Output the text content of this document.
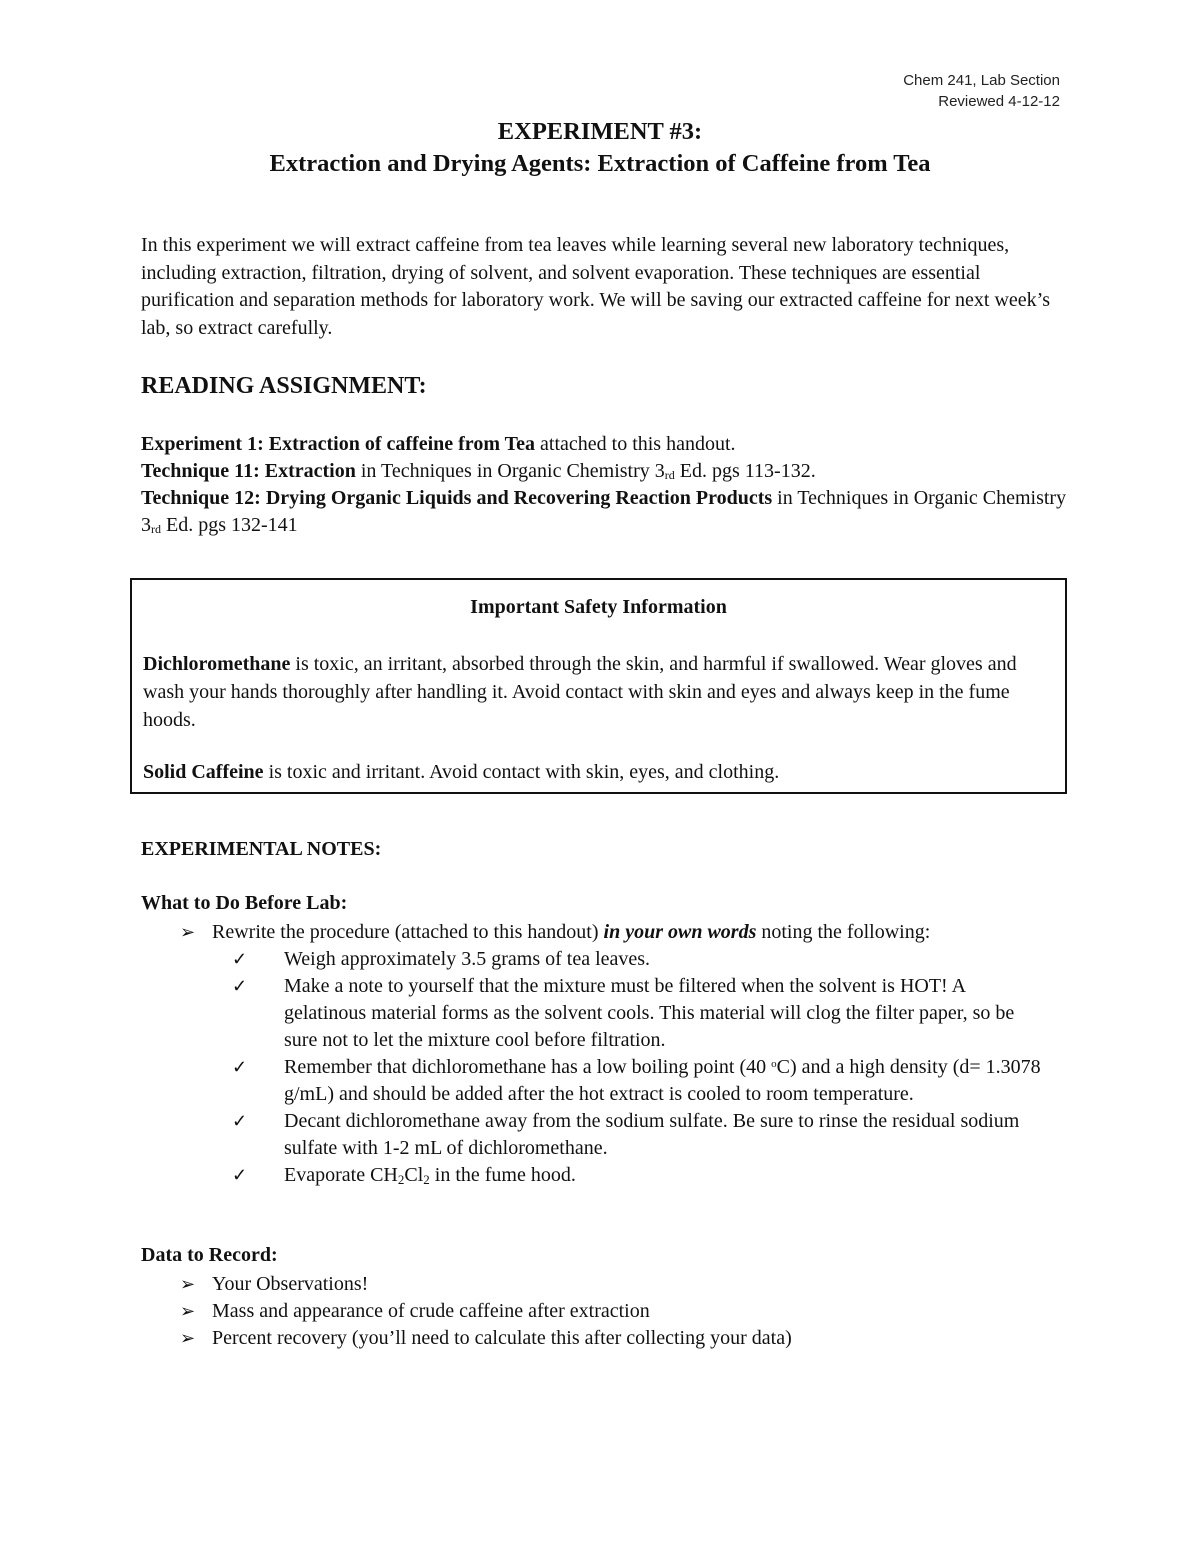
Chem 241, Lab Section
Reviewed 4-12-12
EXPERIMENT #3:
Extraction and Drying Agents: Extraction of Caffeine from Tea

In this experiment we will extract caffeine from tea leaves while learning several new laboratory techniques, including extraction, filtration, drying of solvent, and solvent evaporation. These techniques are essential purification and separation methods for laboratory work. We will be saving our extracted caffeine for next week’s lab, so extract carefully.

READING ASSIGNMENT:

Experiment 1: Extraction of caffeine from Tea attached to this handout.

Technique 11: Extraction in Techniques in Organic Chemistry $3_{rd}$ Ed. pgs 113-132.

Technique 12: Drying Organic Liquids and Recovering Reaction Products in Techniques in Organic Chemistry $3_{rd}$ Ed. pgs 132-141

Important Safety Information

Dichloromethane is toxic, an irritant, absorbed through the skin, and harmful if swallowed. Wear gloves and wash your hands thoroughly after handling it. Avoid contact with skin and eyes and always keep in the fume hoods.

Solid Caffeine is toxic and irritant. Avoid contact with skin, eyes, and clothing.

EXPERIMENTAL NOTES:
What to Do Before Lab:
➢ Rewrite the procedure (attached to this handout) in your own words noting the following:
✓ Weigh approximately 3.5 grams of tea leaves.
✓ Make a note to yourself that the mixture must be filtered when the solvent is HOT! A gelatinous material forms as the solvent cools. This material will clog the filter paper, so be sure not to let the mixture cool before filtration.
✓ Remember that dichloromethane has a low boiling point (40 $^o$C) and a high density (d= 1.3078 g/mL) and should be added after the hot extract is cooled to room temperature.
✓ Decant dichloromethane away from the sodium sulfate. Be sure to rinse the residual sodium sulfate with 1-2 mL of dichloromethane.
✓ Evaporate $CH_2Cl_2$ in the fume hood.
Data to Record:
➢ Your Observations!
➢ Mass and appearance of crude caffeine after extraction
➢ Percent recovery (you’ll need to calculate this after collecting your data)
